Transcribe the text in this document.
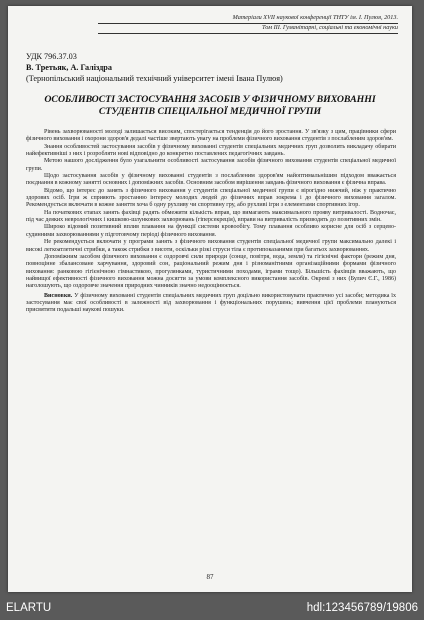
Матеріали XVII наукової конференції ТНТУ ім. І. Пулюя, 2013.
Том III. Гуманітарні, соціальні та економічні науки
УДК 796.37.03
В. Третьяк, А. Галіздра
(Тернопільський національний технічний університет імені Івана Пулюя)
ОСОБЛИВОСТІ ЗАСТОСУВАННЯ ЗАСОБІВ У ФІЗИЧНОМУ ВИХОВАННІ СТУДЕНТІВ СПЕЦІАЛЬНОЇ МЕДИЧНОЇ ГРУПИ

Рівень захворюваності молоді залишається високим, спостерігається тенденція до його зростання. У зв'язку з цим, працівники сфери фізичного виховання і охорони здоров'я дедалі частіше звертають увагу на проблеми фізичного виховання студентів з послабленим здоров'ям.

Знання особливостей застосування засобів у фізичному вихованні студентів спеціальних медичних груп дозволить викладачу обирати найефективніші з них і розробляти нові відповідно до конкретно поставлених педагогічних завдань.

Метою нашого дослідження було узагальнити особливості застосування засобів фізичного виховання студентів спеціальної медичної групи.

Щодо застосування засобів у фізичному вихованні студентів з послабленим здоров'ям найоптимальнішим підходом вважається поєднання в кожному занятті основних і допоміжних засобів. Основним засобом вирішення завдань фізичного виховання є фізична вправа.

Відомо, що інтерес до занять з фізичного виховання у студентів спеціальної медичної групи є вірогідно нижчий, ніж у практично здорових осіб. Ігри ж сприяють зростанню інтересу молодих людей до фізичних вправ зокрема і до фізичного виховання загалом. Рекомендується включати в кожне заняття хоча б одну рухливу чи спортивну гру, або рухливі ігри з елементами спортивних ігор.

На початкових етапах занять фахівці радять обмежити кількість вправ, що вимагають максимального прояву витривалості. Водночас, під час деяких неврологічних і кишково-шлункових захворювань (гіперсекреція), вправи на витривалість призводять до позитивних змін.

Широко відомий позитивний вплив плавання на функції системи кровообігу. Тому плавання особливо корисне для осіб з серцево-судинними захворюваннями у підготовчому періоді фізичного виховання.

Не рекомендується включати у програми занять з фізичного виховання студентів спеціальної медичної групи максимально далекі і високі легкоатлетичні стрибки, а також стрибки з висоти, оскільки різкі струси тіла є протипоказаними при багатьох захворюваннях.

Допоміжним засобом фізичного виховання є оздоровчі сили природи (сонце, повітря, вода, земля) та гігієнічні фактори (режим дня, повноцінне збалансоване харчування, здоровий сон, раціональний режим дня і різноманітними організаційними формами фізичного виховання: ранковою гігієнічною гімнастикою, прогулянками, туристичними походами, іграми тощо). Більшість фахівців вважають, що найвищої ефективності фізичного виховання можна досягти за умови комплексного використання засобів. Окремі з них (Булич Є.Г., 1986) наголошують, що оздоровче значення природних чинників значно недооцінюється.

Висновки. У фізичному вихованні студентів спеціальних медичних груп доцільно використовувати практично усі засоби; методика їх застосування має свої особливості в залежності від захворювання і функціональних порушень; вивчення цієї проблеми плануються присвятити подальші наукові пошуки.

87
ELARTU	hdl:123456789/19806
